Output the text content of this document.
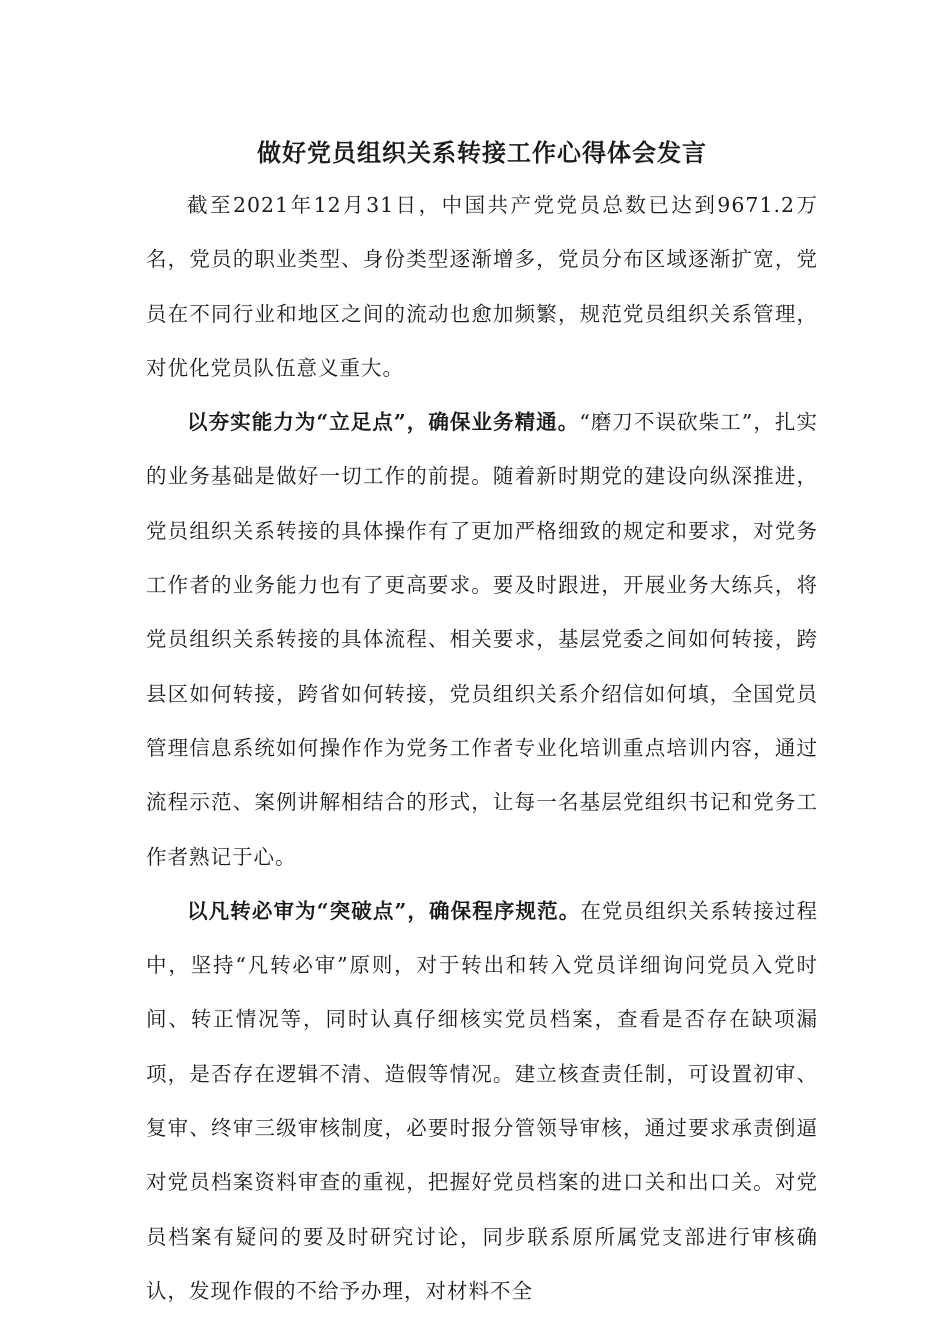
做好党员组织关系转接工作心得体会发言

截至2021年12月31日，中国共产党党员总数已达到9671.2万名，党员的职业类型、身份类型逐渐增多，党员分布区域逐渐扩宽，党员在不同行业和地区之间的流动也愈加频繁，规范党员组织关系管理，对优化党员队伍意义重大。

以夯实能力为“立足点”，确保业务精通。“磨刀不误砍柴工”，扎实的业务基础是做好一切工作的前提。随着新时期党的建设向纵深推进，党员组织关系转接的具体操作有了更加严格细致的规定和要求，对党务工作者的业务能力也有了更高要求。要及时跟进，开展业务大练兵，将党员组织关系转接的具体流程、相关要求，基层党委之间如何转接，跨县区如何转接，跨省如何转接，党员组织关系介绍信如何填，全国党员管理信息系统如何操作作为党务工作者专业化培训重点培训内容，通过流程示范、案例讲解相结合的形式，让每一名基层党组织书记和党务工作者熟记于心。

以凡转必审为“突破点”，确保程序规范。在党员组织关系转接过程中，坚持“凡转必审”原则，对于转出和转入党员详细询问党员入党时间、转正情况等，同时认真仔细核实党员档案，查看是否存在缺项漏项，是否存在逻辑不清、造假等情况。建立核查责任制，可设置初审、复审、终审三级审核制度，必要时报分管领导审核，通过要求承责倒逼对党员档案资料审查的重视，把握好党员档案的进口关和出口关。对党员档案有疑问的要及时研究讨论，同步联系原所属党支部进行审核确认，发现作假的不给予办理，对材料不全
